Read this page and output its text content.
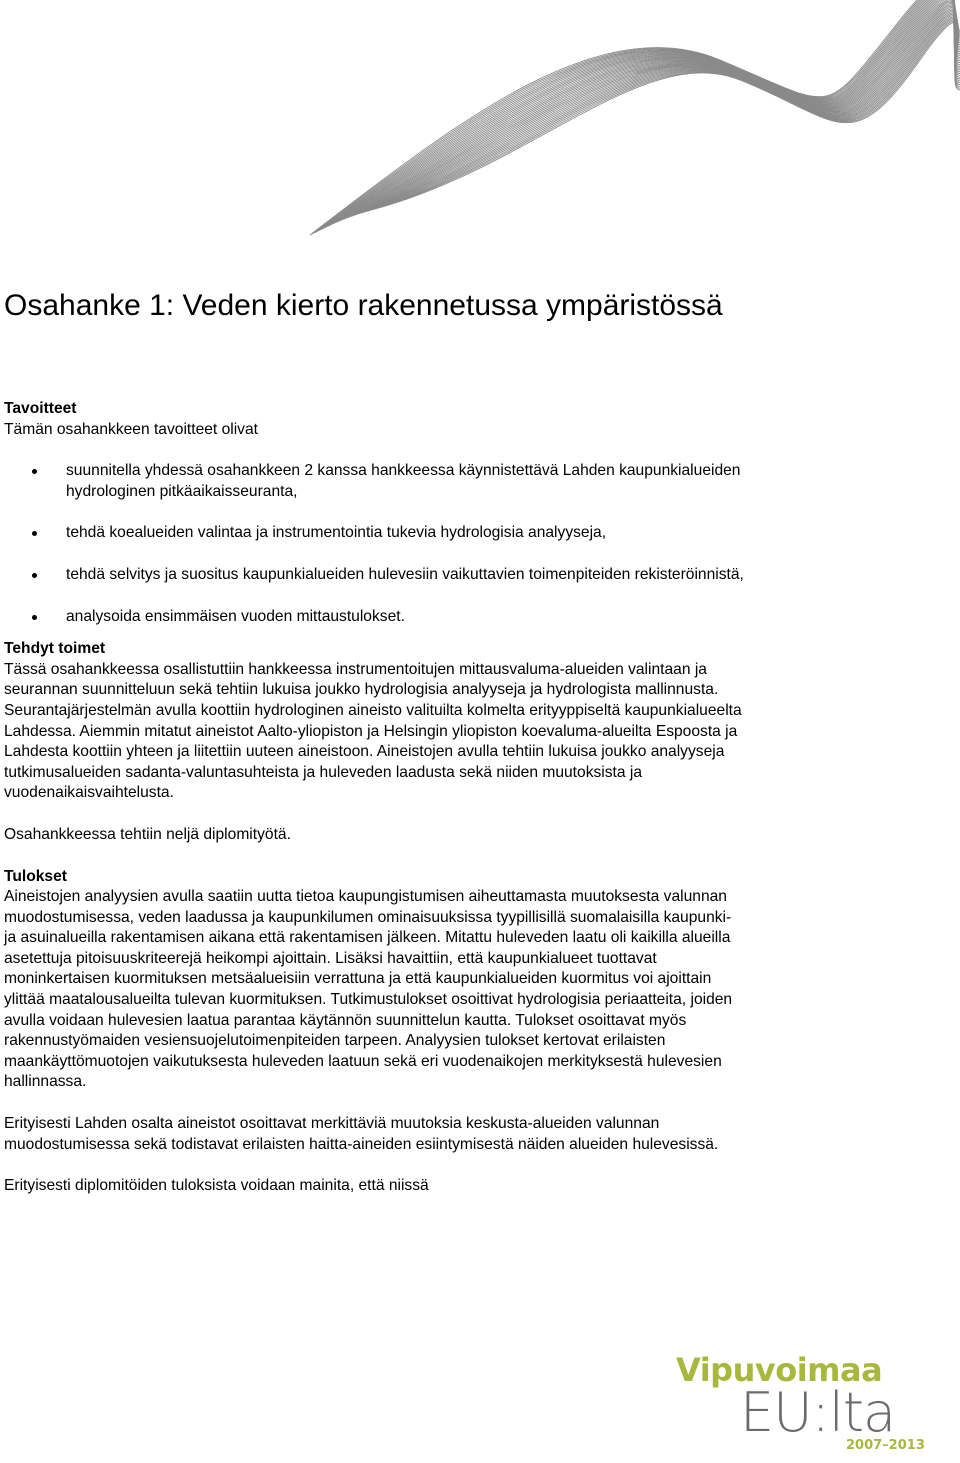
Osahanke 1: Veden kierto rakennetussa ympäristössä
Tavoitteet

Tämän osahankkeen tavoitteet olivat

suunnitella yhdessä osahankkeen 2 kanssa hankkeessa käynnistettävä Lahden kaupunkialueiden hydrologinen pitkäaikaisseuranta,
tehdä koealueiden valintaa ja instrumentointia tukevia hydrologisia analyyseja,
tehdä selvitys ja suositus kaupunkialueiden hulevesiin vaikuttavien toimenpiteiden rekisteröinnistä,
analysoida ensimmäisen vuoden mittaustulokset.
Tehdyt toimet

Tässä osahankkeessa osallistuttiin hankkeessa instrumentoitujen mittausvaluma-alueiden valintaan ja seurannan suunnitteluun sekä tehtiin lukuisa joukko hydrologisia analyyseja ja hydrologista mallinnusta. Seurantajärjestelmän avulla koottiin hydrologinen aineisto valituilta kolmelta erityyppiseltä kaupunkialueelta Lahdessa. Aiemmin mitatut aineistot Aalto-yliopiston ja Helsingin yliopiston koevaluma-alueilta Espoosta ja Lahdesta koottiin yhteen ja liitettiin uuteen aineistoon. Aineistojen avulla tehtiin lukuisa joukko analyyseja tutkimusalueiden sadanta-valuntasuhteista ja huleveden laadusta sekä niiden muutoksista ja vuodenaikaisvaihtelusta.

Osahankkeessa tehtiin neljä diplomityötä.

Tulokset

Aineistojen analyysien avulla saatiin uutta tietoa kaupungistumisen aiheuttamasta muutoksesta valunnan muodostumisessa, veden laadussa ja kaupunkilumen ominaisuuksissa tyypillisillä suomalaisilla kaupunki- ja asuinalueilla rakentamisen aikana että rakentamisen jälkeen. Mitattu huleveden laatu oli kaikilla alueilla asetettuja pitoisuuskriteerejä heikompi ajoittain. Lisäksi havaittiin, että kaupunkialueet tuottavat moninkertaisen kuormituksen metsäalueisiin verrattuna ja että kaupunkialueiden kuormitus voi ajoittain ylittää maatalousalueilta tulevan kuormituksen. Tutkimustulokset osoittivat hydrologisia periaatteita, joiden avulla voidaan hulevesien laatua parantaa käytännön suunnittelun kautta. Tulokset osoittavat myös rakennustyömaiden vesiensuojelutoimenpiteiden tarpeen. Analyysien tulokset kertovat erilaisten maankäyttömuotojen vaikutuksesta huleveden laatuun sekä eri vuodenaikojen merkityksestä hulevesien hallinnassa.

Erityisesti Lahden osalta aineistot osoittavat merkittäviä muutoksia keskusta-alueiden valunnan muodostumisessa sekä todistavat erilaisten haitta-aineiden esiintymisestä näiden alueiden hulevesissä.

Erityisesti diplomitöiden tuloksista voidaan mainita, että niissä

Vipuvoimaa
EU:lta
2007–2013
